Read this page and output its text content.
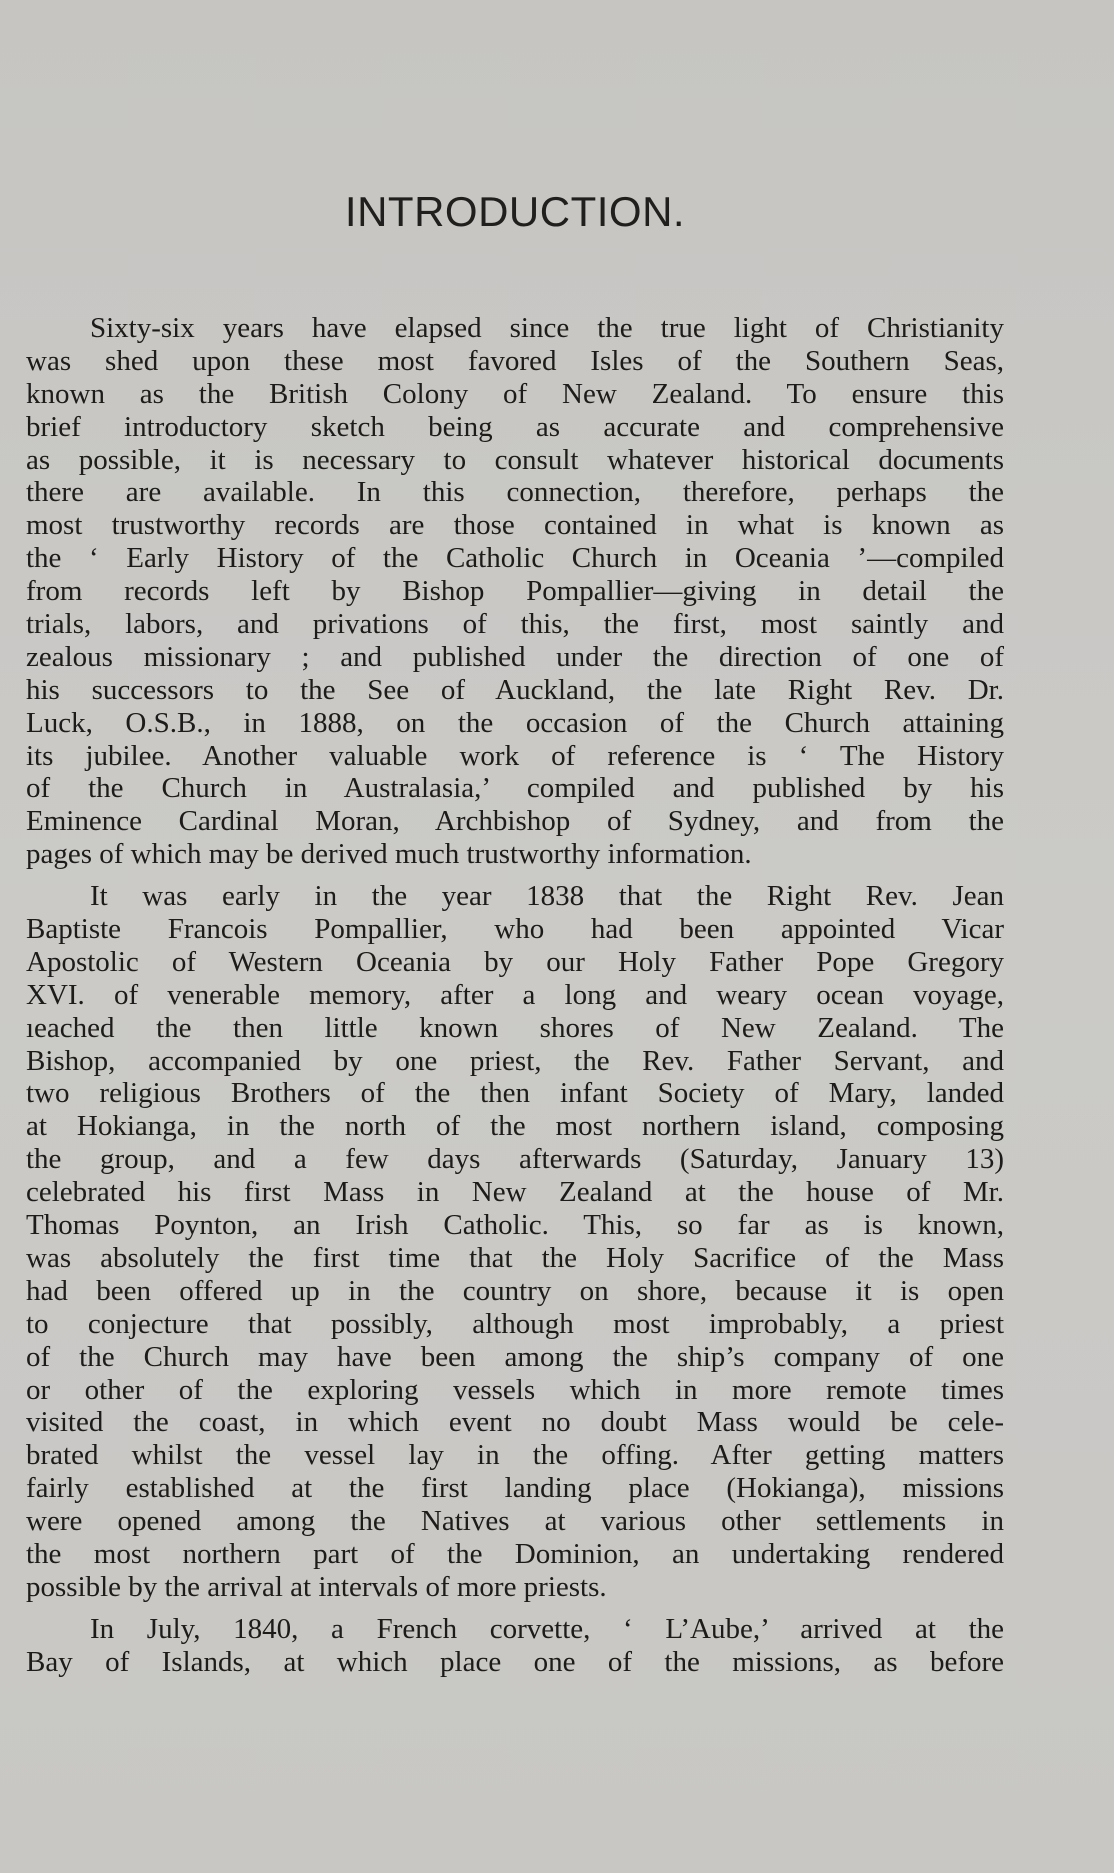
INTRODUCTION.
Sixty-six years have elapsed since the true light of Christianity
was shed upon these most favored Isles of the Southern Seas,
known as the British Colony of New Zealand. To ensure this
brief introductory sketch being as accurate and comprehensive
as possible, it is necessary to consult whatever historical documents
there are available. In this connection, therefore, perhaps the
most trustworthy records are those contained in what is known as
the ‘ Early History of the Catholic Church in Oceania ’—compiled
from records left by Bishop Pompallier—giving in detail the
trials, labors, and privations of this, the first, most saintly and
zealous missionary ; and published under the direction of one of
his successors to the See of Auckland, the late Right Rev. Dr.
Luck, O.S.B., in 1888, on the occasion of the Church attaining
its jubilee. Another valuable work of reference is ‘ The History
of the Church in Australasia,’ compiled and published by his
Eminence Cardinal Moran, Archbishop of Sydney, and from the
pages of which may be derived much trustworthy information.
It was early in the year 1838 that the Right Rev. Jean
Baptiste Francois Pompallier, who had been appointed Vicar
Apostolic of Western Oceania by our Holy Father Pope Gregory
XVI. of venerable memory, after a long and weary ocean voyage,
ıeached the then little known shores of New Zealand. The
Bishop, accompanied by one priest, the Rev. Father Servant, and
two religious Brothers of the then infant Society of Mary, landed
at Hokianga, in the north of the most northern island, composing
the group, and a few days afterwards (Saturday, January 13)
celebrated his first Mass in New Zealand at the house of Mr.
Thomas Poynton, an Irish Catholic. This, so far as is known,
was absolutely the first time that the Holy Sacrifice of the Mass
had been offered up in the country on shore, because it is open
to conjecture that possibly, although most improbably, a priest
of the Church may have been among the ship’s company of one
or other of the exploring vessels which in more remote times
visited the coast, in which event no doubt Mass would be cele-
brated whilst the vessel lay in the offing. After getting matters
fairly established at the first landing place (Hokianga), missions
were opened among the Natives at various other settlements in
the most northern part of the Dominion, an undertaking rendered
possible by the arrival at intervals of more priests.
In July, 1840, a French corvette, ‘ L’Aube,’ arrived at the
Bay of Islands, at which place one of the missions, as before
